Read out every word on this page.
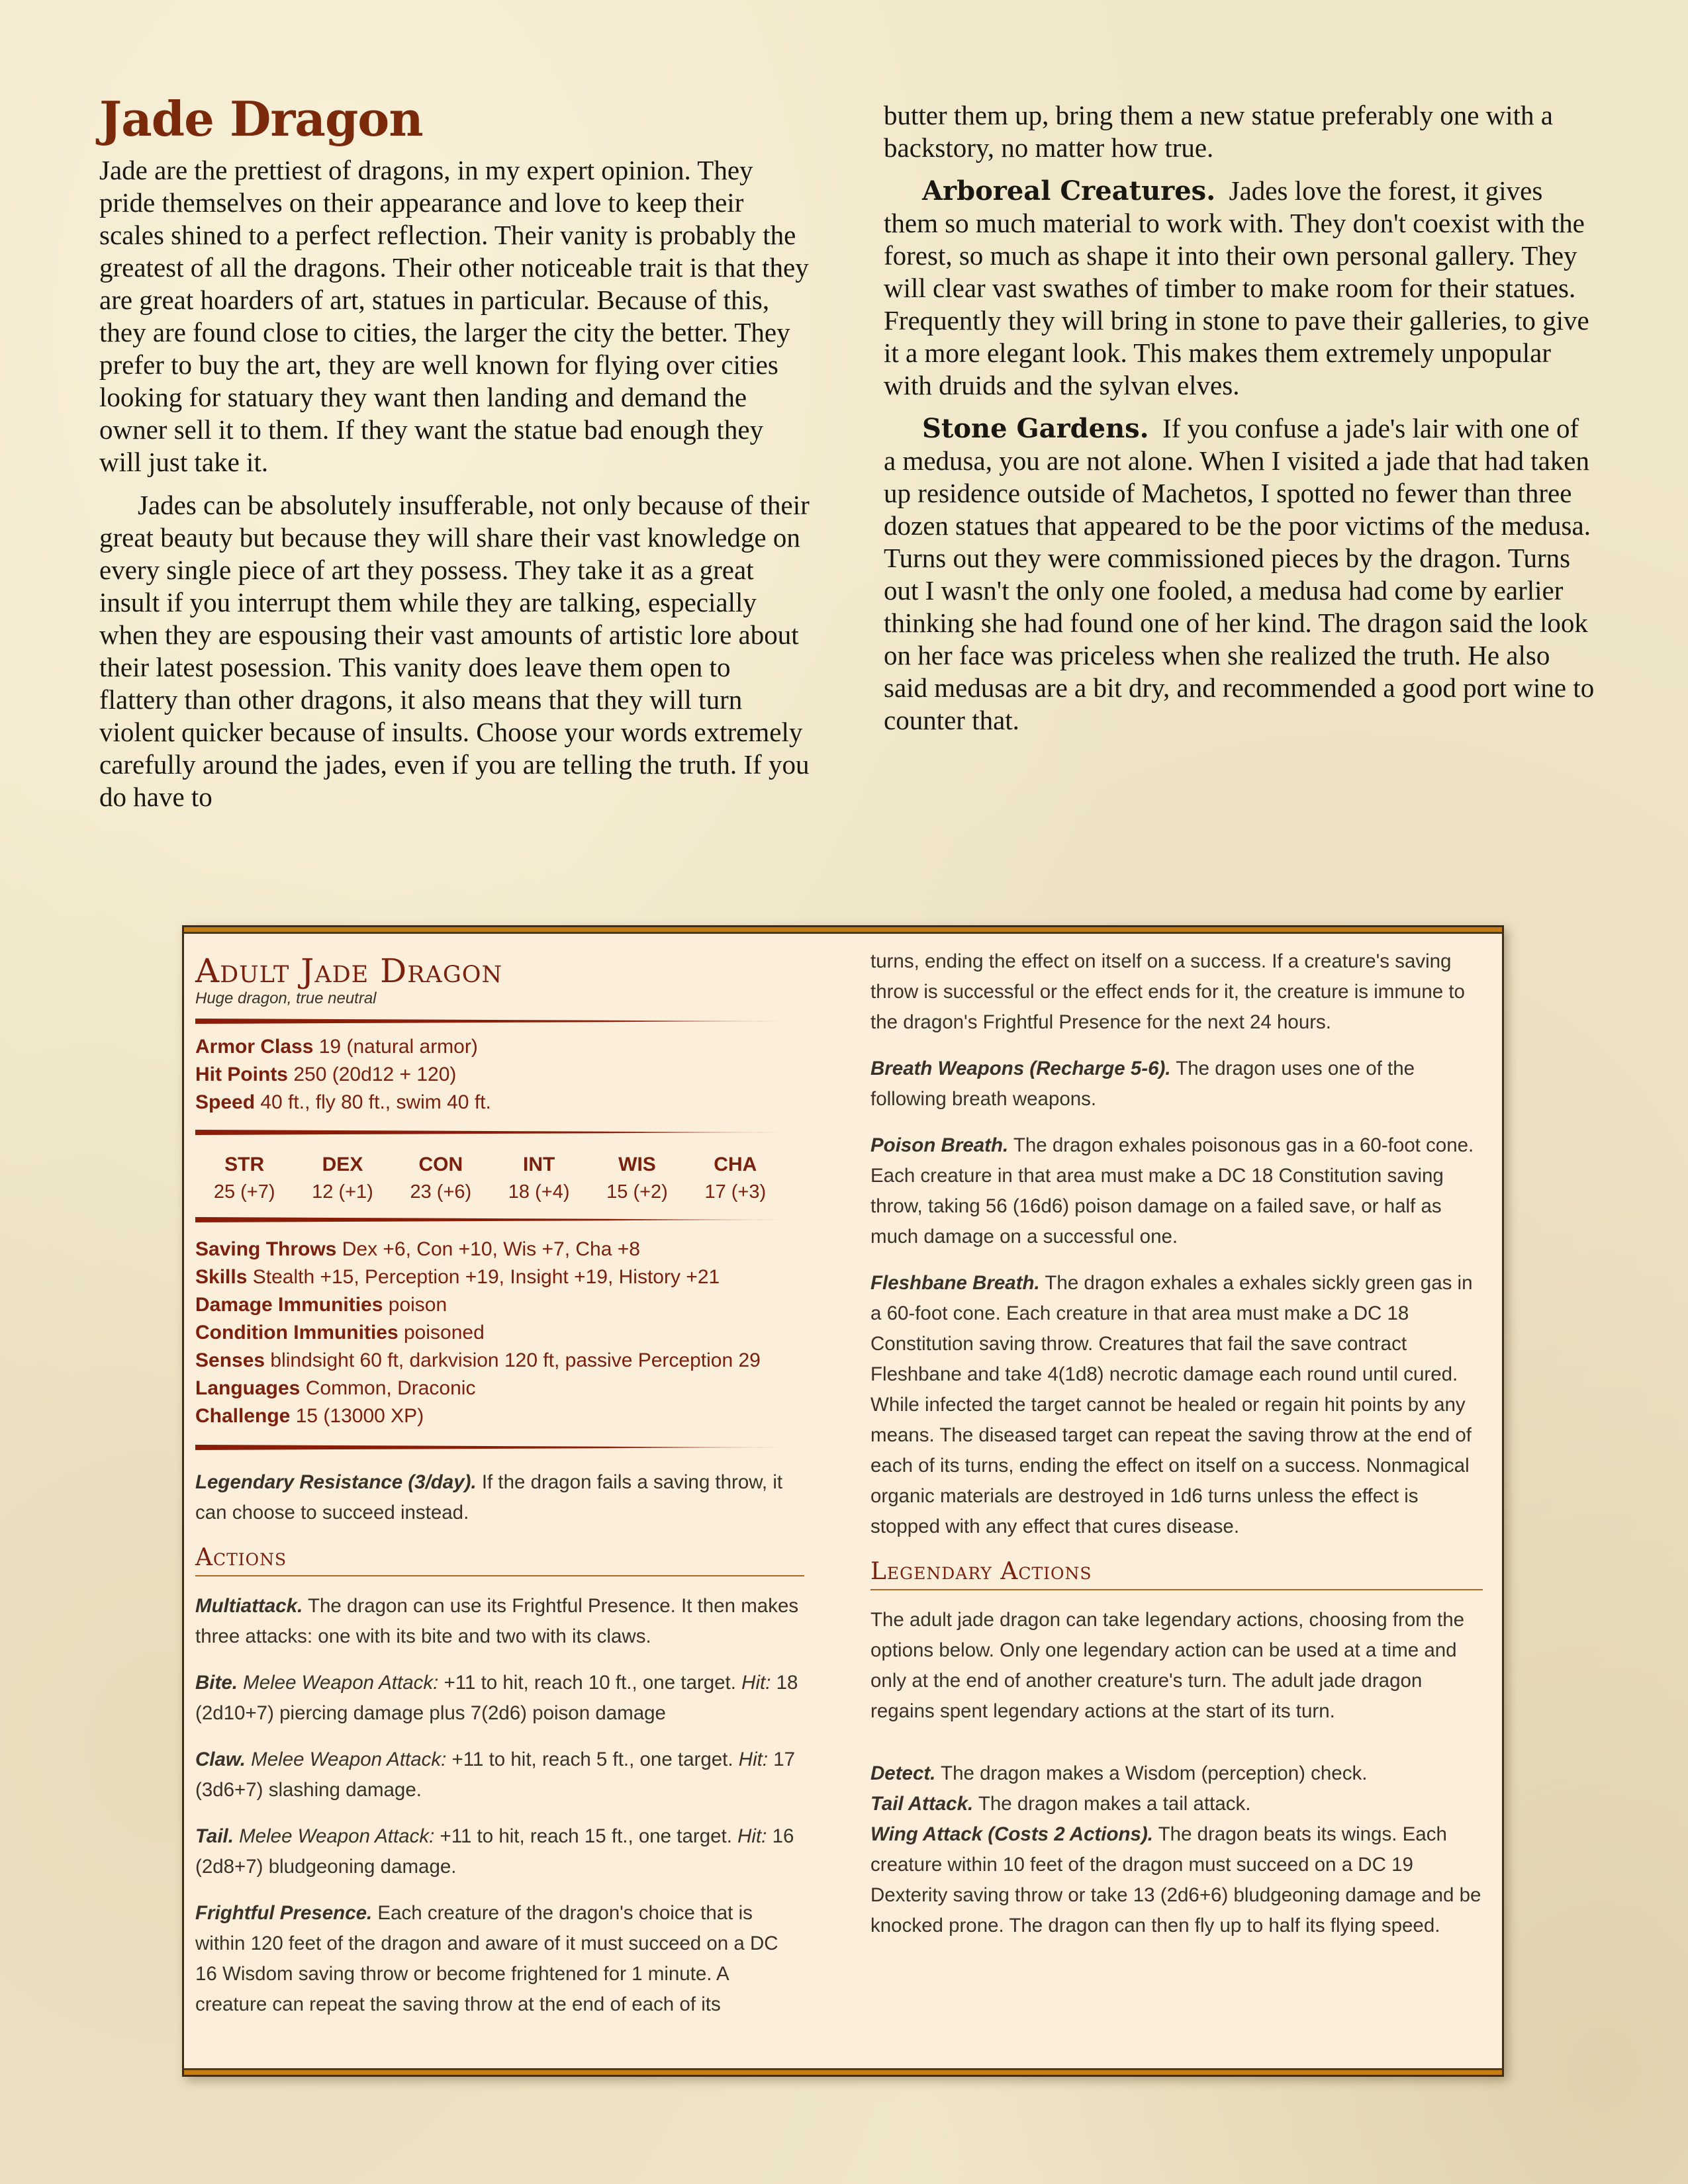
Jade Dragon

Jade are the prettiest of dragons, in my expert opinion. They pride themselves on their appearance and love to keep their scales shined to a perfect reflection. Their vanity is probably the greatest of all the dragons. Their other noticeable trait is that they are great hoarders of art, statues in particular. Because of this, they are found close to cities, the larger the city the better. They prefer to buy the art, they are well known for flying over cities looking for statuary they want then landing and demand the owner sell it to them. If they want the statue bad enough they will just take it.

Jades can be absolutely insufferable, not only because of their great beauty but because they will share their vast knowledge on every single piece of art they possess. They take it as a great insult if you interrupt them while they are talking, especially when they are espousing their vast amounts of artistic lore about their latest posession. This vanity does leave them open to flattery than other dragons, it also means that they will turn violent quicker because of insults. Choose your words extremely carefully around the jades, even if you are telling the truth. If you do have to

butter them up, bring them a new statue preferably one with a backstory, no matter how true.

Arboreal Creatures. Jades love the forest, it gives them so much material to work with. They don't coexist with the forest, so much as shape it into their own personal gallery. They will clear vast swathes of timber to make room for their statues. Frequently they will bring in stone to pave their galleries, to give it a more elegant look. This makes them extremely unpopular with druids and the sylvan elves.

Stone Gardens. If you confuse a jade's lair with one of a medusa, you are not alone. When I visited a jade that had taken up residence outside of Machetos, I spotted no fewer than three dozen statues that appeared to be the poor victims of the medusa. Turns out they were commissioned pieces by the dragon. Turns out I wasn't the only one fooled, a medusa had come by earlier thinking she had found one of her kind. The dragon said the look on her face was priceless when she realized the truth. He also said medusas are a bit dry, and recommended a good port wine to counter that.

Adult Jade Dragon
Huge dragon, true neutral

Armor Class 19 (natural armor)

Hit Points 250 (20d12 + 120)

Speed 40 ft., fly 80 ft., swim 40 ft.

STR
25 (+7)
DEX
12 (+1)
CON
23 (+6)
INT
18 (+4)
WIS
15 (+2)
CHA
17 (+3)

Saving Throws Dex +6, Con +10, Wis +7, Cha +8

Skills Stealth +15, Perception +19, Insight +19, History +21

Damage Immunities poison

Condition Immunities poisoned

Senses blindsight 60 ft, darkvision 120 ft, passive Perception 29

Languages Common, Draconic

Challenge 15 (13000 XP)

Legendary Resistance (3/day). If the dragon fails a saving throw, it can choose to succeed instead.

Actions

Multiattack. The dragon can use its Frightful Presence. It then makes three attacks: one with its bite and two with its claws.

Bite. Melee Weapon Attack: +11 to hit, reach 10 ft., one target. Hit: 18 (2d10+7) piercing damage plus 7(2d6) poison damage

Claw. Melee Weapon Attack: +11 to hit, reach 5 ft., one target. Hit: 17 (3d6+7) slashing damage.

Tail. Melee Weapon Attack: +11 to hit, reach 15 ft., one target. Hit: 16 (2d8+7) bludgeoning damage.

Frightful Presence. Each creature of the dragon's choice that is within 120 feet of the dragon and aware of it must succeed on a DC 16 Wisdom saving throw or become frightened for 1 minute. A creature can repeat the saving throw at the end of each of its

turns, ending the effect on itself on a success. If a creature's saving throw is successful or the effect ends for it, the creature is immune to the dragon's Frightful Presence for the next 24 hours.

Breath Weapons (Recharge 5-6). The dragon uses one of the following breath weapons.

Poison Breath. The dragon exhales poisonous gas in a 60-foot cone. Each creature in that area must make a DC 18 Constitution saving throw, taking 56 (16d6) poison damage on a failed save, or half as much damage on a successful one.

Fleshbane Breath. The dragon exhales a exhales sickly green gas in a 60-foot cone. Each creature in that area must make a DC 18 Constitution saving throw. Creatures that fail the save contract Fleshbane and take 4(1d8) necrotic damage each round until cured. While infected the target cannot be healed or regain hit points by any means. The diseased target can repeat the saving throw at the end of each of its turns, ending the effect on itself on a success. Nonmagical organic materials are destroyed in 1d6 turns unless the effect is stopped with any effect that cures disease.

Legendary Actions

The adult jade dragon can take legendary actions, choosing from the options below. Only one legendary action can be used at a time and only at the end of another creature's turn. The adult jade dragon regains spent legendary actions at the start of its turn.

Detect. The dragon makes a Wisdom (perception) check.

Tail Attack. The dragon makes a tail attack.

Wing Attack (Costs 2 Actions). The dragon beats its wings. Each creature within 10 feet of the dragon must succeed on a DC 19 Dexterity saving throw or take 13 (2d6+6) bludgeoning damage and be knocked prone. The dragon can then fly up to half its flying speed.
